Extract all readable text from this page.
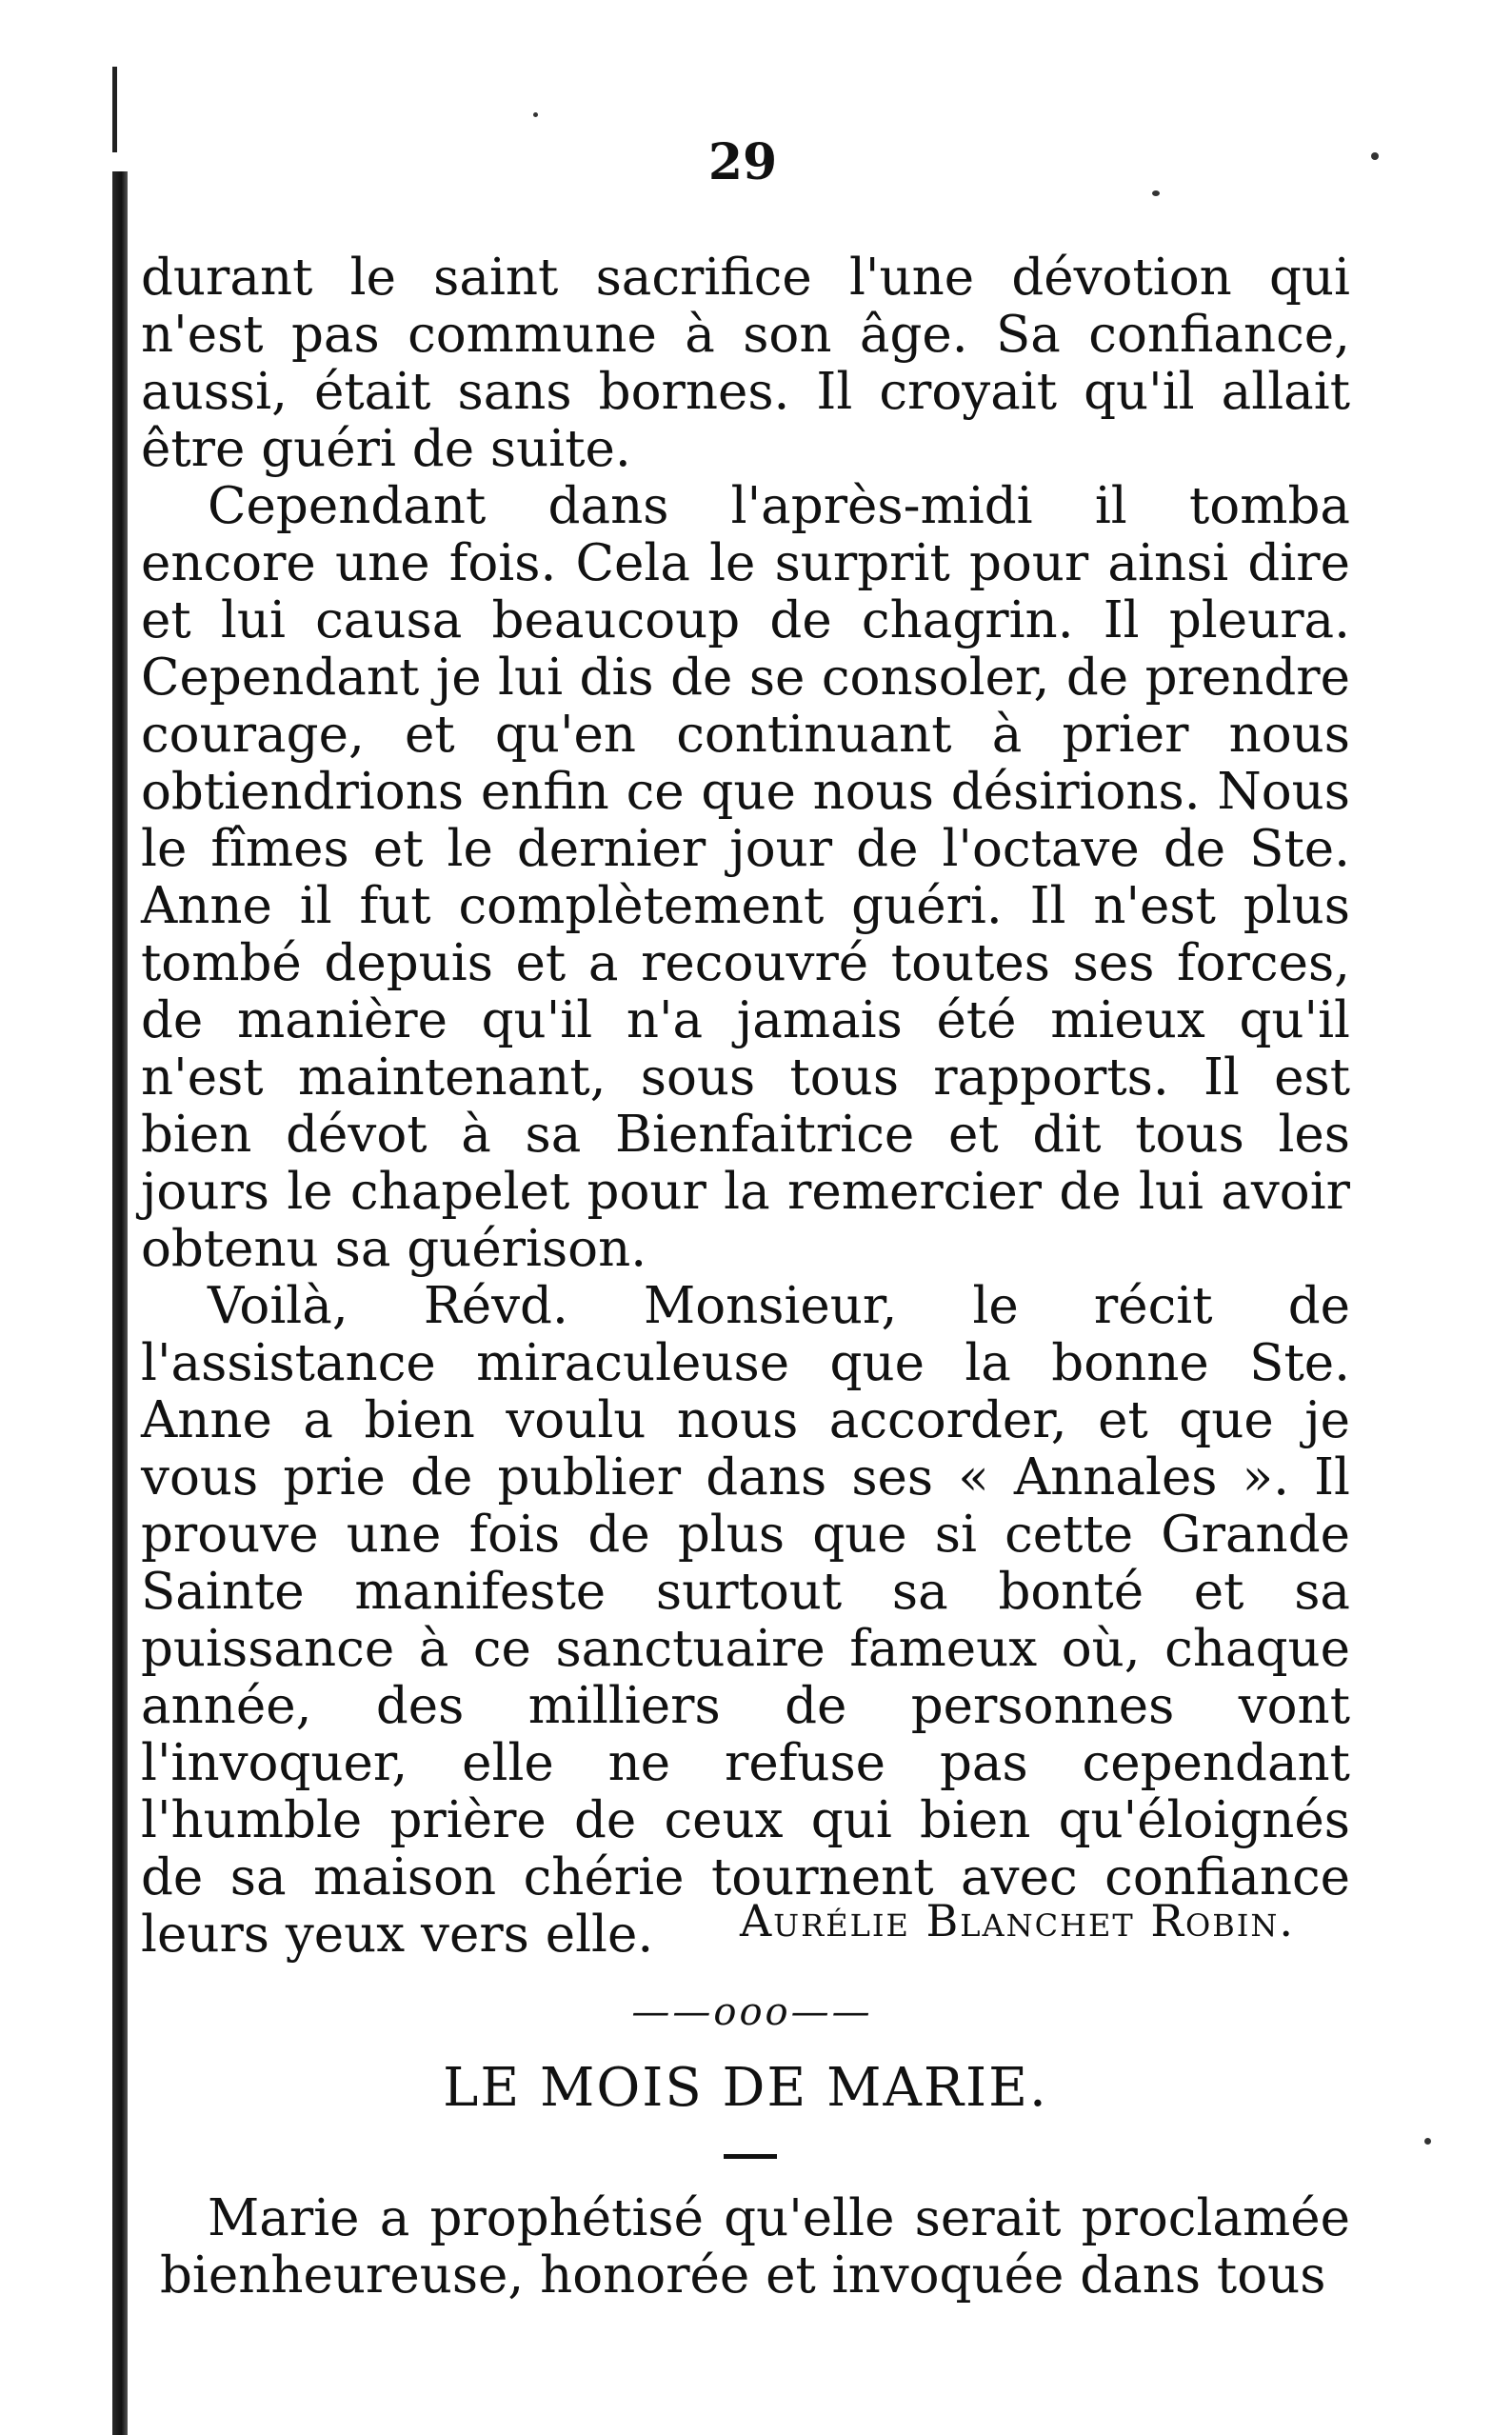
29

durant le saint sacrifice l'une dévotion qui n'est pas commune à son âge. Sa confiance, aussi, était sans bornes. Il croyait qu'il allait être guéri de suite.

Cependant dans l'après-midi il tomba encore une fois. Cela le surprit pour ainsi dire et lui causa beaucoup de chagrin. Il pleura. Cependant je lui dis de se consoler, de prendre courage, et qu'en continuant à prier nous obtiendrions enfin ce que nous désirions. Nous le fîmes et le dernier jour de l'octave de Ste. Anne il fut complètement guéri. Il n'est plus tombé depuis et a recouvré toutes ses forces, de manière qu'il n'a jamais été mieux qu'il n'est maintenant, sous tous rapports. Il est bien dévot à sa Bienfaitrice et dit tous les jours le chapelet pour la remercier de lui avoir obtenu sa guérison.

Voilà, Révd. Monsieur, le récit de l'assistance miraculeuse que la bonne Ste. Anne a bien voulu nous accorder, et que je vous prie de publier dans ses « Annales ». Il prouve une fois de plus que si cette Grande Sainte manifeste surtout sa bonté et sa puissance à ce sanctuaire fameux où, chaque année, des milliers de personnes vont l'invoquer, elle ne refuse pas cependant l'humble prière de ceux qui bien qu'éloignés de sa maison chérie tournent avec confiance leurs yeux vers elle.	Aurélie Blanchet Robin.
——ooo——
LE MOIS DE MARIE.

Marie a prophétisé qu'elle serait proclamée bienheureuse, honorée et invoquée dans tous
